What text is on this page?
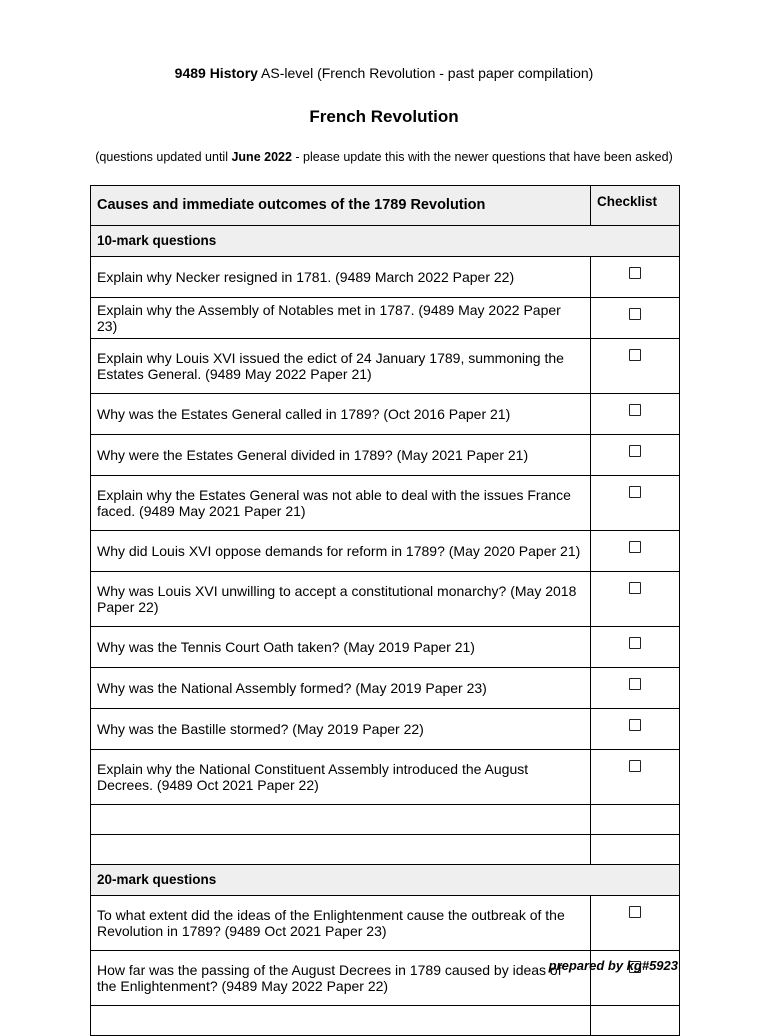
9489 History AS-level (French Revolution - past paper compilation)
French Revolution
(questions updated until June 2022 - please update this with the newer questions that have been asked)
Causes and immediate outcomes of the 1789 Revolution	Checklist
10-mark questions	
Explain why Necker resigned in 1781. (9489 March 2022 Paper 22)	
Explain why the Assembly of Notables met in 1787. (9489 May 2022 Paper 23)	
Explain why Louis XVI issued the edict of 24 January 1789, summoning the Estates General. (9489 May 2022 Paper 21)	
Why was the Estates General called in 1789? (Oct 2016 Paper 21)	
Why were the Estates General divided in 1789? (May 2021 Paper 21)	
Explain why the Estates General was not able to deal with the issues France faced. (9489 May 2021 Paper 21)	
Why did Louis XVI oppose demands for reform in 1789? (May 2020 Paper 21)	
Why was Louis XVI unwilling to accept a constitutional monarchy? (May 2018 Paper 22)	
Why was the Tennis Court Oath taken? (May 2019 Paper 21)	
Why was the National Assembly formed? (May 2019 Paper 23)	
Why was the Bastille stormed? (May 2019 Paper 22)	
Explain why the National Constituent Assembly introduced the August Decrees. (9489 Oct 2021 Paper 22)	

20-mark questions	
To what extent did the ideas of the Enlightenment cause the outbreak of the Revolution in 1789? (9489 Oct 2021 Paper 23)	
How far was the passing of the August Decrees in 1789 caused by ideas of the Enlightenment? (9489 May 2022 Paper 22)	

prepared by kg#5923
